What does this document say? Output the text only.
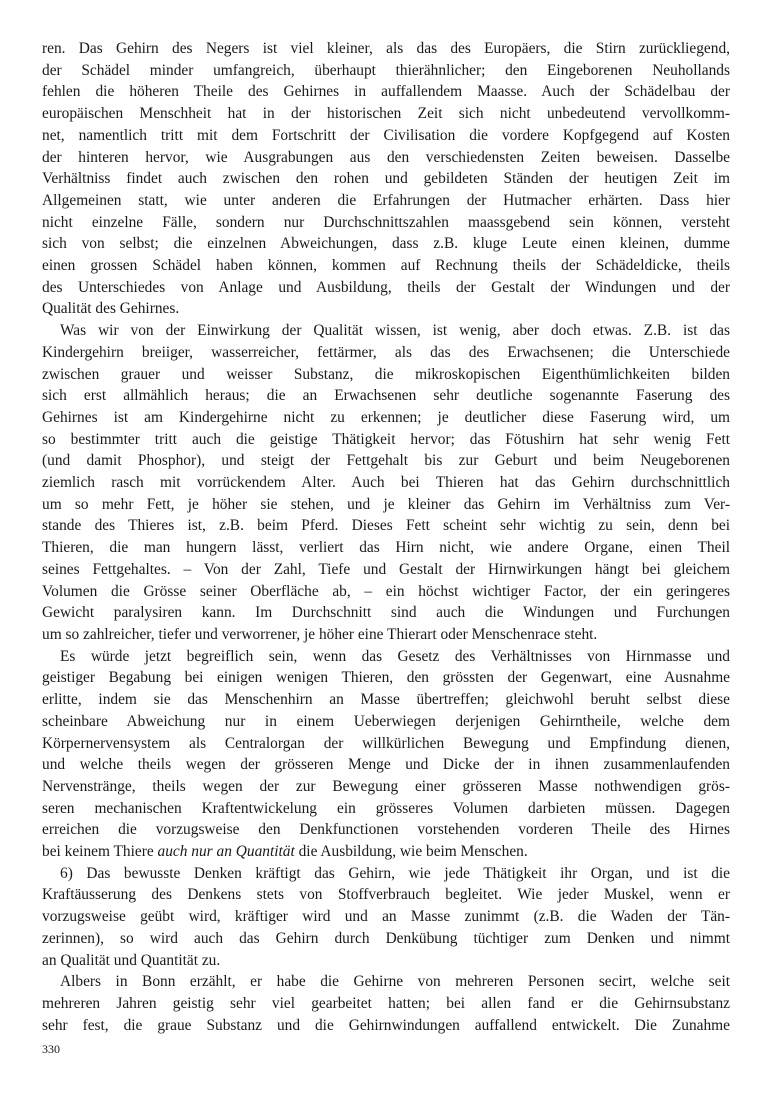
ren. Das Gehirn des Negers ist viel kleiner, als das des Europäers, die Stirn zurückliegend,
der Schädel minder umfangreich, überhaupt thierähnlicher; den Eingeborenen Neuhollands
fehlen die höheren Theile des Gehirnes in auffallendem Maasse. Auch der Schädelbau der
europäischen Menschheit hat in der historischen Zeit sich nicht unbedeutend vervollkomm-
net, namentlich tritt mit dem Fortschritt der Civilisation die vordere Kopfgegend auf Kosten
der hinteren hervor, wie Ausgrabungen aus den verschiedensten Zeiten beweisen. Dasselbe
Verhältniss findet auch zwischen den rohen und gebildeten Ständen der heutigen Zeit im
Allgemeinen statt, wie unter anderen die Erfahrungen der Hutmacher erhärten. Dass hier
nicht einzelne Fälle, sondern nur Durchschnittszahlen maassgebend sein können, versteht
sich von selbst; die einzelnen Abweichungen, dass z.B. kluge Leute einen kleinen, dumme
einen grossen Schädel haben können, kommen auf Rechnung theils der Schädeldicke, theils
des Unterschiedes von Anlage und Ausbildung, theils der Gestalt der Windungen und der
Qualität des Gehirnes.
Was wir von der Einwirkung der Qualität wissen, ist wenig, aber doch etwas. Z.B. ist das
Kindergehirn breiiger, wasserreicher, fettärmer, als das des Erwachsenen; die Unterschiede
zwischen grauer und weisser Substanz, die mikroskopischen Eigenthümlichkeiten bilden
sich erst allmählich heraus; die an Erwachsenen sehr deutliche sogenannte Faserung des
Gehirnes ist am Kindergehirne nicht zu erkennen; je deutlicher diese Faserung wird, um
so bestimmter tritt auch die geistige Thätigkeit hervor; das Fötushirn hat sehr wenig Fett
(und damit Phosphor), und steigt der Fettgehalt bis zur Geburt und beim Neugeborenen
ziemlich rasch mit vorrückendem Alter. Auch bei Thieren hat das Gehirn durchschnittlich
um so mehr Fett, je höher sie stehen, und je kleiner das Gehirn im Verhältniss zum Ver-
stande des Thieres ist, z.B. beim Pferd. Dieses Fett scheint sehr wichtig zu sein, denn bei
Thieren, die man hungern lässt, verliert das Hirn nicht, wie andere Organe, einen Theil
seines Fettgehaltes. – Von der Zahl, Tiefe und Gestalt der Hirnwirkungen hängt bei gleichem
Volumen die Grösse seiner Oberfläche ab, – ein höchst wichtiger Factor, der ein geringeres
Gewicht paralysiren kann. Im Durchschnitt sind auch die Windungen und Furchungen
um so zahlreicher, tiefer und verworrener, je höher eine Thierart oder Menschenrace steht.
Es würde jetzt begreiflich sein, wenn das Gesetz des Verhältnisses von Hirnmasse und
geistiger Begabung bei einigen wenigen Thieren, den grössten der Gegenwart, eine Ausnahme
erlitte, indem sie das Menschenhirn an Masse übertreffen; gleichwohl beruht selbst diese
scheinbare Abweichung nur in einem Ueberwiegen derjenigen Gehirntheile, welche dem
Körpernervensystem als Centralorgan der willkürlichen Bewegung und Empfindung dienen,
und welche theils wegen der grösseren Menge und Dicke der in ihnen zusammenlaufenden
Nervenstränge, theils wegen der zur Bewegung einer grösseren Masse nothwendigen grös-
seren mechanischen Kraftentwickelung ein grösseres Volumen darbieten müssen. Dagegen
erreichen die vorzugsweise den Denkfunctionen vorstehenden vorderen Theile des Hirnes
bei keinem Thiere auch nur an Quantität die Ausbildung, wie beim Menschen.
6) Das bewusste Denken kräftigt das Gehirn, wie jede Thätigkeit ihr Organ, und ist die
Kraftäusserung des Denkens stets von Stoffverbrauch begleitet. Wie jeder Muskel, wenn er
vorzugsweise geübt wird, kräftiger wird und an Masse zunimmt (z.B. die Waden der Tän-
zerinnen), so wird auch das Gehirn durch Denkübung tüchtiger zum Denken und nimmt
an Qualität und Quantität zu.
Albers in Bonn erzählt, er habe die Gehirne von mehreren Personen secirt, welche seit
mehreren Jahren geistig sehr viel gearbeitet hatten; bei allen fand er die Gehirnsubstanz
sehr fest, die graue Substanz und die Gehirnwindungen auffallend entwickelt. Die Zunahme
330
